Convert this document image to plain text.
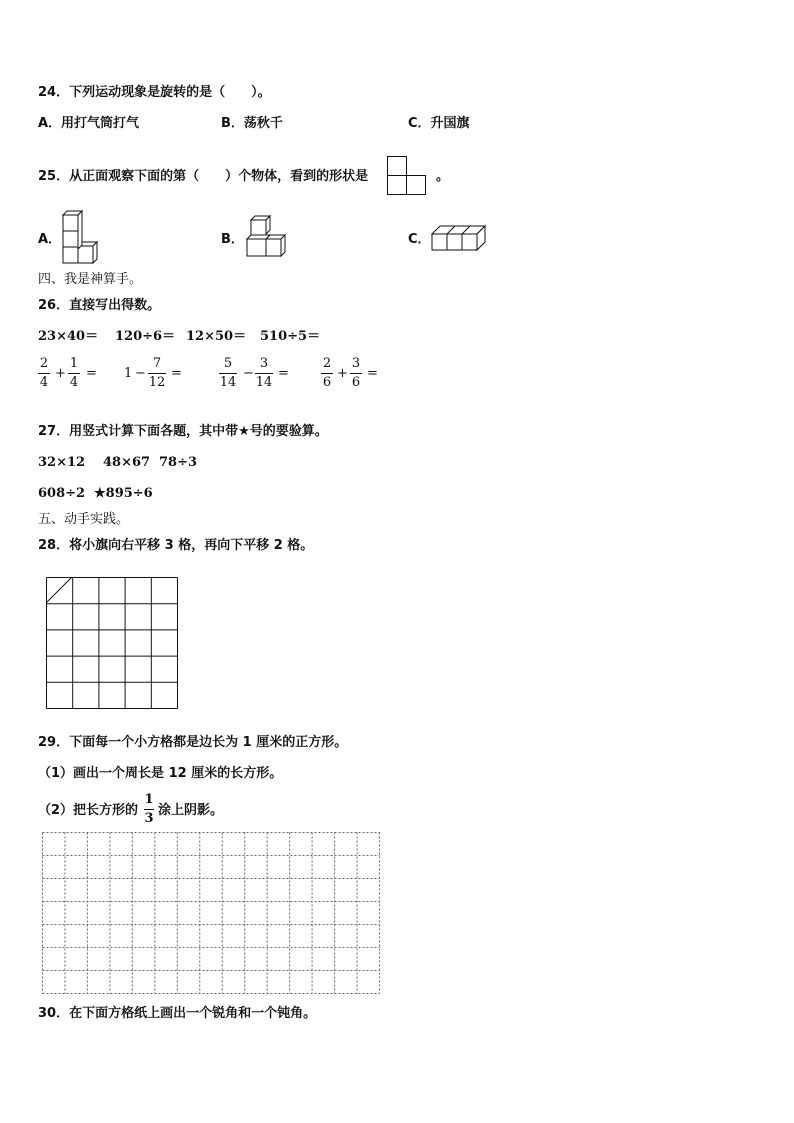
24．下列运动现象是旋转的是（　　）。
A．用打气筒打气	B．荡秋千	C．升国旗
25．从正面观察下面的第（　　）个物体，看到的形状是	。
A．	B．	C．
四、我是神算手。
26．直接写出得数。
23×40＝ 120÷6＝ 12×50＝ 510÷5＝
2
4
+
1
4
= 1 −
7
12
=
5
14
−
3
14
=
2
6
+
3
6
=
27．用竖式计算下面各题，其中带★号的要验算。
32×12 48×67 78÷3
608÷2 ★895÷6
五、动手实践。
28．将小旗向右平移 3 格，再向下平移 2 格。
29．下面每一个小方格都是边长为 1 厘米的正方形。
（1）画出一个周长是 12 厘米的长方形。
（2）把长方形的
1
3
涂上阴影。
30．在下面方格纸上画出一个锐角和一个钝角。
